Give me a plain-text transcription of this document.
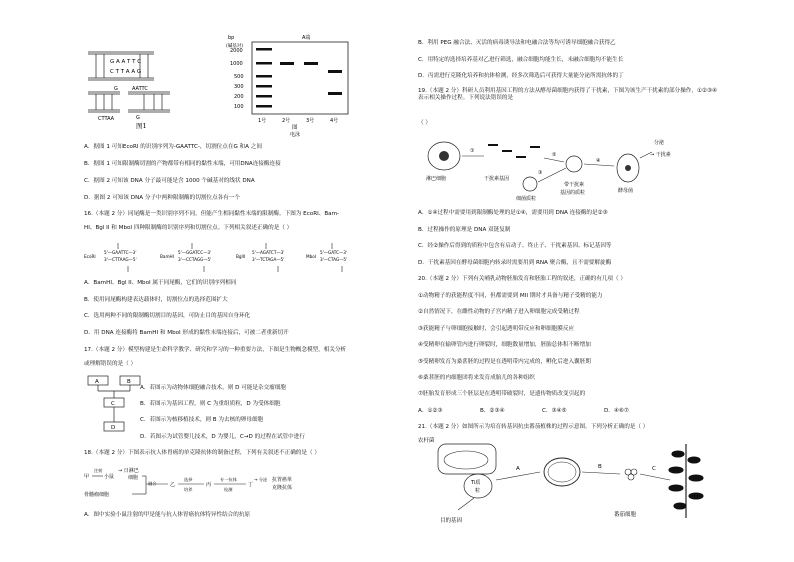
G A A T T C
C T T A A G
G
CTTAA
AATTC
G
图1
bp
(碱基对)
A端
2000
1000
500
300
200
100
1号	2号	3号	4号
图
电泳
A．据图 1 可知EcoRI 的识别序列为-GAATTC-，切割位点在G 和A 之间
B．据图 1 可知限制酶切割的产物都带有相同的黏性末端，可用DNA连接酶连接
C．据图 2 可知该 DNA 分子最可能是含 1000 个碱基对的线状 DNA
D．据图 2 可知该 DNA 分子中两种限制酶的切割位点各有一个
16.（本题 2 分）同尾酶是一类识别序列不同，但能产生相同黏性末端的限制酶。下图为 EcoRI、Bam-
HI、Bgl II 和 MboI 四种限制酶的识别序列和切割位点。下列相关叙述正确的是（ ）
EcoRI
5'—GAATTC—3'
3'—CTTAAG—5'
BamHI
5'—GGATCC—3'
3'—CCTAGG—5'
BglII
5'—AGATCT—3'
3'—TCTAGA—5'
MboI
5'—GATC—3'
3'—CTAG—5'
A．BamHI、Bgl II、MboI 属于同尾酶，它们的识别序列相同
B．使用同尾酶构建表达载体时，切割位点的选择范围扩大
C．选用两种不同的限制酶切割目的基因，可防止目的基因自身环化
D．用 DNA 连接酶将 BamHI 和 MboI 形成的黏性末端连接后，可被二者重新切开
17.（本题 2 分）模型构建是生命科学教学、研究和学习的一种重要方法，下图是生物概念模型，相关分析
或理解错误的是（ ）
A	B
C
D
A．若图示为动物体细胞融合技术，则 D 可能是杂交瘤细胞
B．若图示为基因工程，则 C 为重组质粒，D 为受体细胞
C．若图示为核移植技术，则 B 为去核的卵母细胞
D．若图示为试管婴儿技术，D 为婴儿，C→D 的过程在试管中进行
18.（本题 2 分）下图表示抗人体胃癌的单克隆抗体的制备过程，下列有关叙述不正确的是（ ）
甲
注射
小鼠
→ 日淋巴
细胞
骨髓瘤细胞
融合	乙
选择
培养
丙
专一抗体
检测
丁
→ 分泌 抗胃癌单
克隆抗体
A．图中实验小鼠注射的甲是能与抗人体胃癌抗体特异性结合的抗原
B．利用 PEG 融合法、灭活的病毒诱导法和电融合法等均可诱导细胞融合获得乙
C．用特定的选择培养基对乙进行筛选，融合细胞均能生长，未融合细胞均不能生长
D．丙需进行克隆化培养和抗体检测，经多次筛选后可获得大量能分泌所需抗体的丁
19.（本题 2 分）科研人员利用基因工程的方法从酵母菌细胞内获得了干扰素，下图为该生产干扰素的部分操作，①②③④表示相关操作过程。下列说法错误的是
（ ）
①
②
③
④
淋巴细胞	干扰素基因
细菌质粒
带干扰素
基因的质粒	酵母菌
分泌
→ 干扰素
A．①④过程中需要用到限制酶处理的是①④，需要用到 DNA 连接酶的是②③
B．过程操作的原理是 DNA 双链复制
C．经②操作后得到的质粒中包含有启动子、终止子、干扰素基因、标记基因等
D．干扰素基因在酵母菌细胞内转录时需要用到 RNA 聚合酶，且不需要解旋酶
20.（本题 2 分）下列有关哺乳动物胚胎发育和胚胎工程的叙述，正确的有几项（ ）
①动物精子的获能程度不同，但都需要到 MII 期时才具备与精子受精的能力
②自然情况下，在雌性动物的子宫内精子进入卵细胞完成受精过程
③获能精子与卵细胞接触时，会引起透明带反应和卵细胞膜反应
④受精卵在输卵管内进行卵裂时，细胞数量增加，胚胎总体积不断增加
⑤受精卵发育为桑葚胚的过程是在透明带内完成的，孵化后进入囊胚期
⑥桑葚胚的内细胞团将来发育成胎儿的各种组织
⑦胚胎发育形成三个胚层是在透明带破裂时，是遗传物质改变引起的
A．①②③	B．②③④	C．③④⑤	D．④⑥⑦
21.（本题 2 分）如图所示为培育转基因抗虫番茄植株的过程示意图。下列分析正确的是（ ）
农杆菌
Ti质
粒
目的基因
番茄细胞
A	B	C
